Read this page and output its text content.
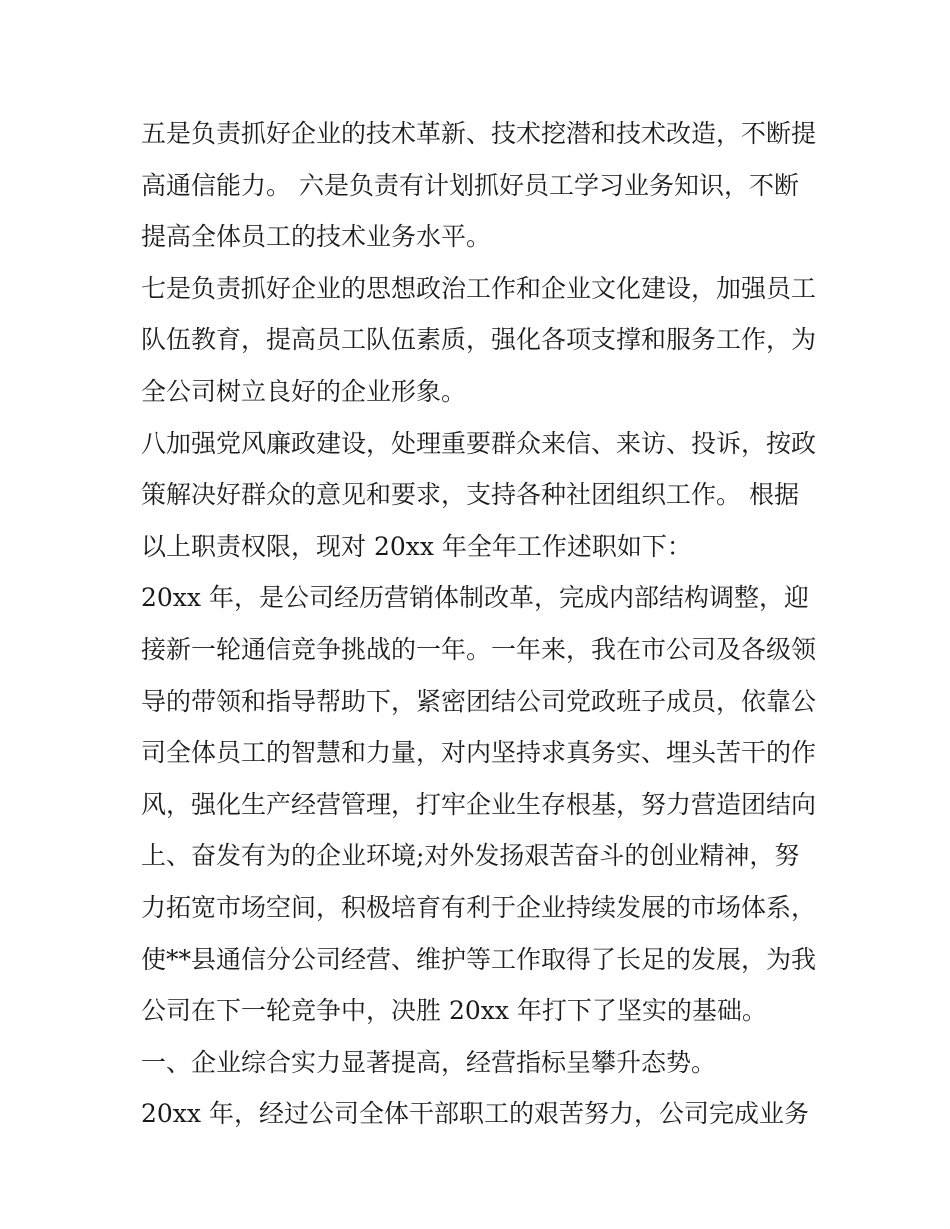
五是负责抓好企业的技术革新、技术挖潜和技术改造，不断提
高通信能力。 六是负责有计划抓好员工学习业务知识，不断
提高全体员工的技术业务水平。
七是负责抓好企业的思想政治工作和企业文化建设，加强员工
队伍教育，提高员工队伍素质，强化各项支撑和服务工作，为
全公司树立良好的企业形象。
八加强党风廉政建设，处理重要群众来信、来访、投诉，按政
策解决好群众的意见和要求，支持各种社团组织工作。 根据
以上职责权限，现对 20xx 年全年工作述职如下：
20xx 年，是公司经历营销体制改革，完成内部结构调整，迎
接新一轮通信竞争挑战的一年。一年来，我在市公司及各级领
导的带领和指导帮助下，紧密团结公司党政班子成员，依靠公
司全体员工的智慧和力量，对内坚持求真务实、埋头苦干的作
风，强化生产经营管理，打牢企业生存根基，努力营造团结向
上、奋发有为的企业环境;对外发扬艰苦奋斗的创业精神，努
力拓宽市场空间，积极培育有利于企业持续发展的市场体系，
使**县通信分公司经营、维护等工作取得了长足的发展，为我
公司在下一轮竞争中，决胜 20xx 年打下了坚实的基础。
一、企业综合实力显著提高，经营指标呈攀升态势。
20xx 年，经过公司全体干部职工的艰苦努力，公司完成业务
